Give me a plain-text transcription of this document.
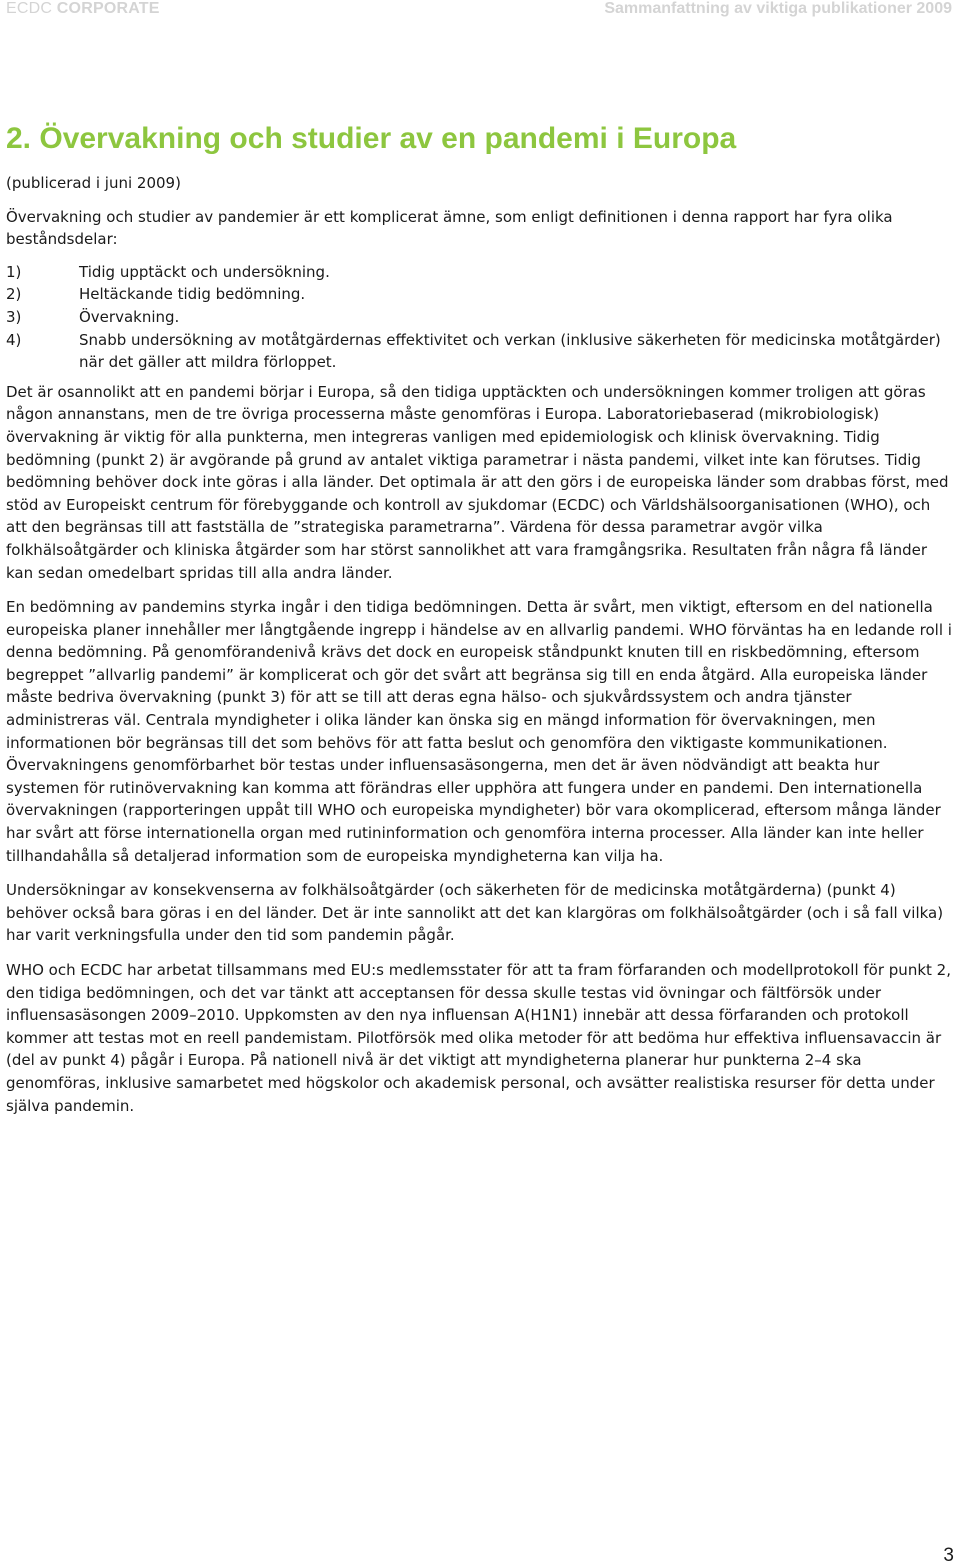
ECDC CORPORATE	Sammanfattning av viktiga publikationer 2009
2. Övervakning och studier av en pandemi i Europa

(publicerad i juni 2009)

Övervakning och studier av pandemier är ett komplicerat ämne, som enligt definitionen i denna rapport har fyra olika beståndsdelar:

1)	Tidig upptäckt och undersökning.
2)	Heltäckande tidig bedömning.
3)	Övervakning.
4)	Snabb undersökning av motåtgärdernas effektivitet och verkan (inklusive säkerheten för medicinska motåtgärder) när det gäller att mildra förloppet.

Det är osannolikt att en pandemi börjar i Europa, så den tidiga upptäckten och undersökningen kommer troligen att göras någon annanstans, men de tre övriga processerna måste genomföras i Europa. Laboratoriebaserad (mikrobiologisk) övervakning är viktig för alla punkterna, men integreras vanligen med epidemiologisk och klinisk övervakning. Tidig bedömning (punkt 2) är avgörande på grund av antalet viktiga parametrar i nästa pandemi, vilket inte kan förutses. Tidig bedömning behöver dock inte göras i alla länder. Det optimala är att den görs i de europeiska länder som drabbas först, med stöd av Europeiskt centrum för förebyggande och kontroll av sjukdomar (ECDC) och Världshälsoorganisationen (WHO), och att den begränsas till att fastställa de ”strategiska parametrarna”. Värdena för dessa parametrar avgör vilka folkhälsoåtgärder och kliniska åtgärder som har störst sannolikhet att vara framgångsrika. Resultaten från några få länder kan sedan omedelbart spridas till alla andra länder.

En bedömning av pandemins styrka ingår i den tidiga bedömningen. Detta är svårt, men viktigt, eftersom en del nationella europeiska planer innehåller mer långtgående ingrepp i händelse av en allvarlig pandemi. WHO förväntas ha en ledande roll i denna bedömning. På genomförandenivå krävs det dock en europeisk ståndpunkt knuten till en riskbedömning, eftersom begreppet ”allvarlig pandemi” är komplicerat och gör det svårt att begränsa sig till en enda åtgärd. Alla europeiska länder måste bedriva övervakning (punkt 3) för att se till att deras egna hälso- och sjukvårdssystem och andra tjänster administreras väl. Centrala myndigheter i olika länder kan önska sig en mängd information för övervakningen, men informationen bör begränsas till det som behövs för att fatta beslut och genomföra den viktigaste kommunikationen. Övervakningens genomförbarhet bör testas under influensasäsongerna, men det är även nödvändigt att beakta hur systemen för rutinövervakning kan komma att förändras eller upphöra att fungera under en pandemi. Den internationella övervakningen (rapporteringen uppåt till WHO och europeiska myndigheter) bör vara okomplicerad, eftersom många länder har svårt att förse internationella organ med rutininformation och genomföra interna processer. Alla länder kan inte heller tillhandahålla så detaljerad information som de europeiska myndigheterna kan vilja ha.

Undersökningar av konsekvenserna av folkhälsoåtgärder (och säkerheten för de medicinska motåtgärderna) (punkt 4) behöver också bara göras i en del länder. Det är inte sannolikt att det kan klargöras om folkhälsoåtgärder (och i så fall vilka) har varit verkningsfulla under den tid som pandemin pågår.

WHO och ECDC har arbetat tillsammans med EU:s medlemsstater för att ta fram förfaranden och modellprotokoll för punkt 2, den tidiga bedömningen, och det var tänkt att acceptansen för dessa skulle testas vid övningar och fältförsök under influensasäsongen 2009–2010. Uppkomsten av den nya influensan A(H1N1) innebär att dessa förfaranden och protokoll kommer att testas mot en reell pandemistam. Pilotförsök med olika metoder för att bedöma hur effektiva influensavaccin är (del av punkt 4) pågår i Europa. På nationell nivå är det viktigt att myndigheterna planerar hur punkterna 2–4 ska genomföras, inklusive samarbetet med högskolor och akademisk personal, och avsätter realistiska resurser för detta under själva pandemin.

3
